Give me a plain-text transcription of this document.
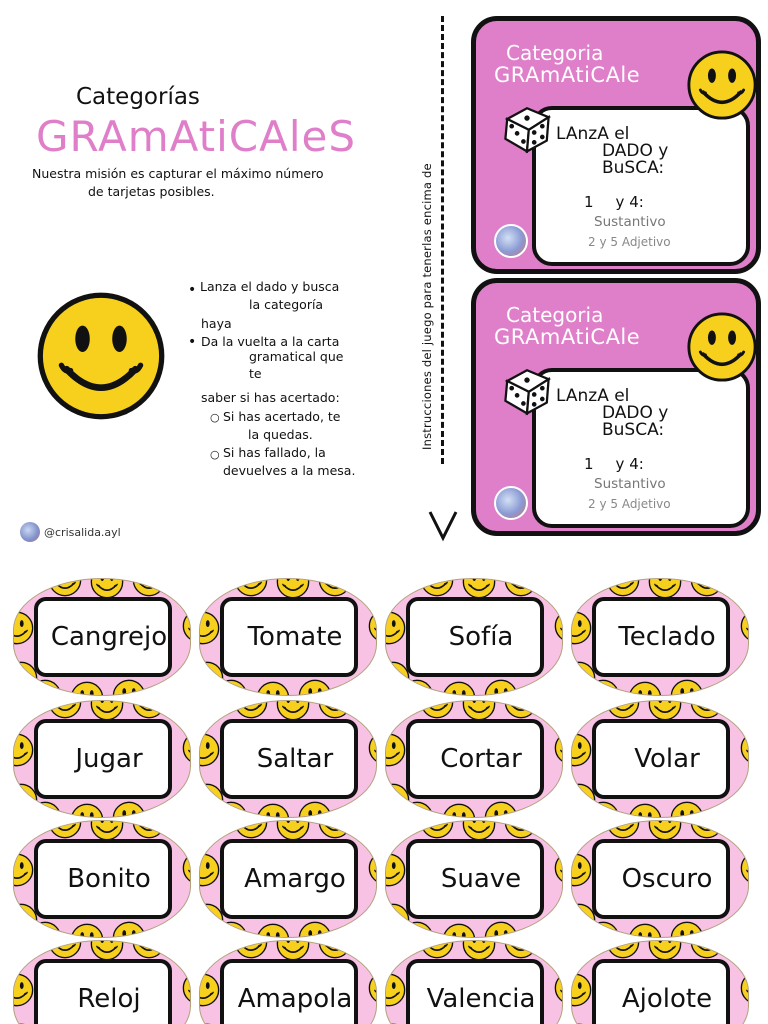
Categorías
GRAmAtiCAleS
Nuestra misión es capturar el máximo número
de tarjetas posibles.
• Lanza el dado y busca
la categoría
haya
• Da la vuelta a la carta
gramatical que
te
saber si has acertado:
○ Si has acertado, te
la quedas.
○ Si has fallado, la
devuelves a la mesa.
@crisalida.ayl
Instrucciones del juego para tenerlas encima de
Categoria
GRAmAtiCAle
LAnzA el
DADO y
BuSCA:
1 y 4:
Sustantivo
2 y 5 Adjetivo
Categoria
GRAmAtiCAle
LAnzA el
DADO y
BuSCA:
1 y 4:
Sustantivo
2 y 5 Adjetivo
Cangrejo	Tomate	Sofía	Teclado
Jugar	Saltar	Cortar	Volar
Bonito	Amargo	Suave	Oscuro
Reloj	Amapola	Valencia	Ajolote
